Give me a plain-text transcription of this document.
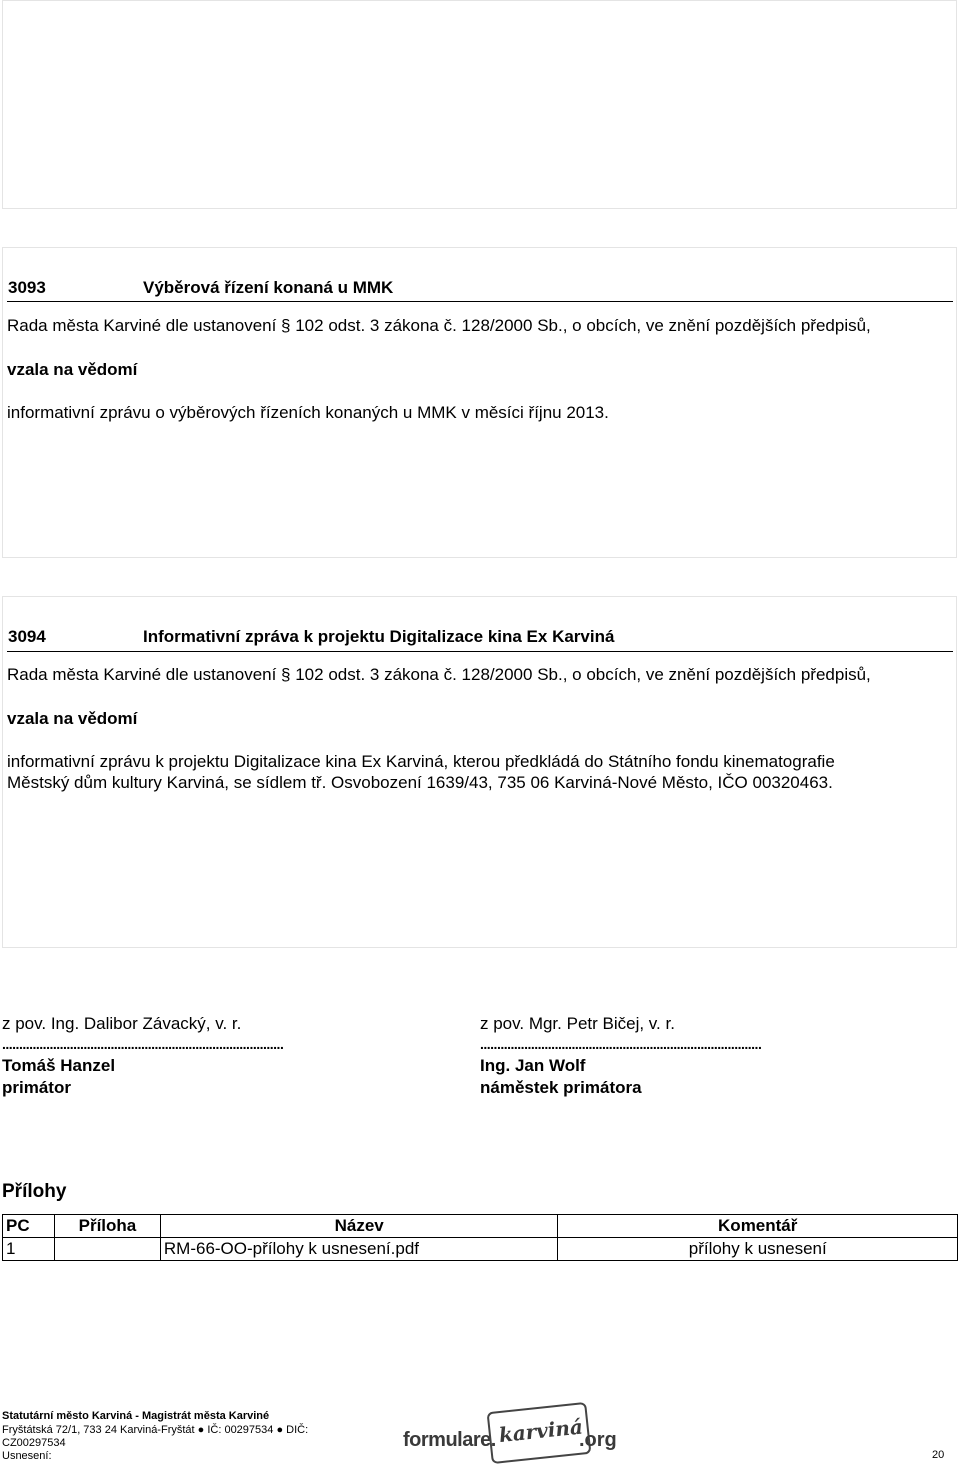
3093	Výběrová řízení konaná u MMK
Rada města Karviné dle ustanovení § 102 odst. 3 zákona č. 128/2000 Sb., o obcích, ve znění pozdějších předpisů,
vzala na vědomí
informativní zprávu o výběrových řízeních konaných u MMK v měsíci říjnu 2013.
3094	Informativní zpráva k projektu Digitalizace kina Ex Karviná
Rada města Karviné dle ustanovení § 102 odst. 3 zákona č. 128/2000 Sb., o obcích, ve znění pozdějších předpisů,
vzala na vědomí
informativní zprávu k projektu Digitalizace kina Ex Karviná, kterou předkládá do Státního fondu kinematografie
Městský dům kultury Karviná, se sídlem tř. Osvobození 1639/43, 735 06 Karviná-Nové Město, IČO 00320463.
z pov. Ing. Dalibor Závacký, v. r.
...................................................................................
Tomáš Hanzel
primátor
z pov. Mgr. Petr Bičej, v. r.
...................................................................................
Ing. Jan Wolf
náměstek primátora
Přílohy
PC	Příloha	Název	Komentář
1		RM-66-OO-přílohy k usnesení.pdf	přílohy k usnesení
Statutární město Karviná - Magistrát města Karviné
Fryštátská 72/1, 733 24 Karviná-Fryštát ● IČ: 00297534 ● DIČ:
CZ00297534
Usnesení:
formulare. karviná
.org
20
